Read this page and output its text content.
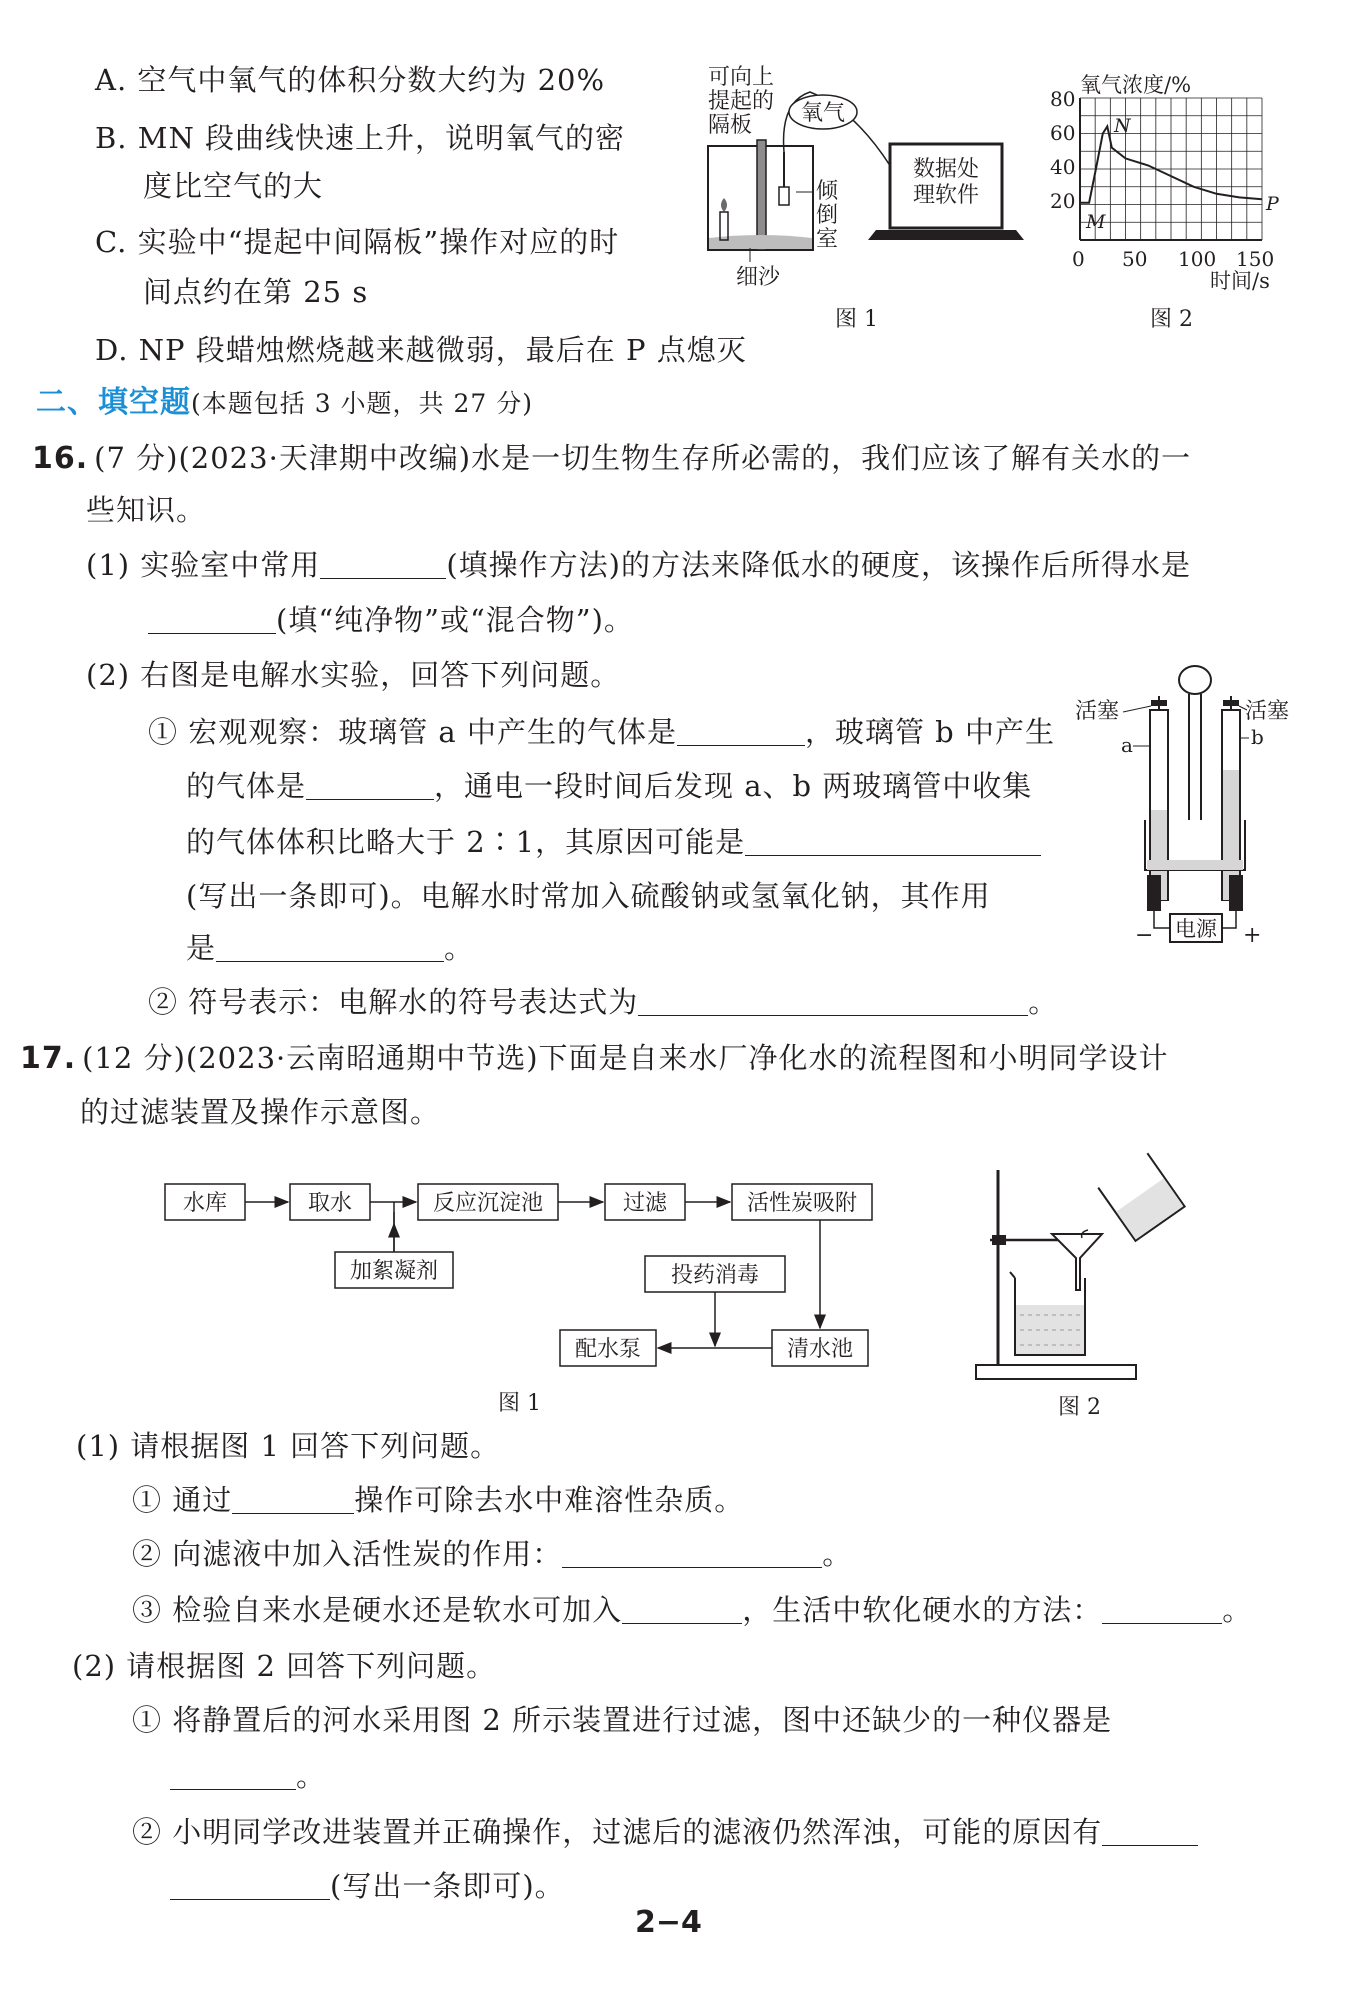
A. 空气中氧气的体积分数大约为 20%
B. MN 段曲线快速上升，说明氧气的密
度比空气的大
C. 实验中“提起中间隔板”操作对应的时
间点约在第 25 s
D. NP 段蜡烛燃烧越来越微弱，最后在 P 点熄灭
氧气
可向上
提起的
隔板
倾
倒
室
细沙
数据处
理软件
图 1
氧气浓度/%
时间/s
80
60
40
20
0 50 100 150
M
N
P
图 2
二、填空题(本题包括 3 小题，共 27 分)
16. (7 分)(2023·天津期中改编)水是一切生物生存所必需的，我们应该了解有关水的一
些知识。
(1) 实验室中常用	(填操作方法)的方法来降低水的硬度，该操作后所得水是
(填“纯净物”或“混合物”)。
(2) 右图是电解水实验，回答下列问题。
① 宏观观察：玻璃管 a 中产生的气体是	，玻璃管 b 中产生
的气体是	，通电一段时间后发现 a、b 两玻璃管中收集
的气体体积比略大于 2∶1，其原因可能是
(写出一条即可)。电解水时常加入硫酸钠或氢氧化钠，其作用
是	。
② 符号表示：电解水的符号表达式为	。
电源
−	+
活塞	活塞
a	b
17. (12 分)(2023·云南昭通期中节选)下面是自来水厂净化水的流程图和小明同学设计
的过滤装置及操作示意图。
水库	取水	反应沉淀池	过滤	活性炭吸附
加絮凝剂	投药消毒
配水泵	清水池
图 1	图 2
(1) 请根据图 1 回答下列问题。
① 通过	操作可除去水中难溶性杂质。
② 向滤液中加入活性炭的作用：	。
③ 检验自来水是硬水还是软水可加入	，生活中软化硬水的方法：	。
(2) 请根据图 2 回答下列问题。
① 将静置后的河水采用图 2 所示装置进行过滤，图中还缺少的一种仪器是
。
② 小明同学改进装置并正确操作，过滤后的滤液仍然浑浊，可能的原因有
(写出一条即可)。
2−4
